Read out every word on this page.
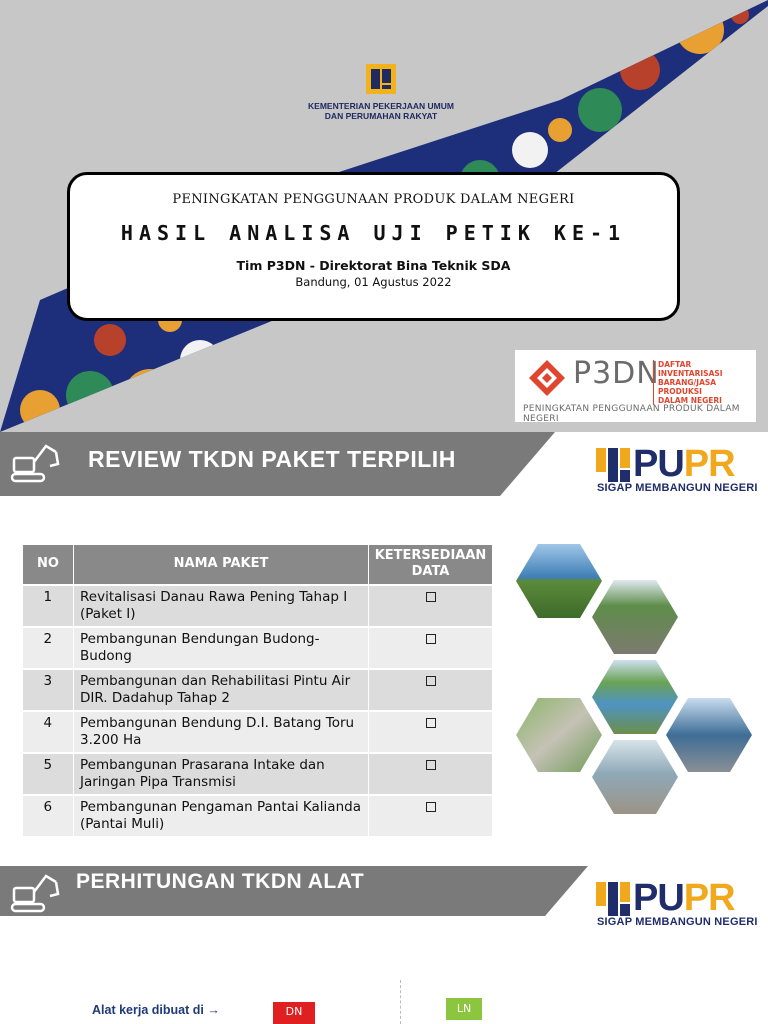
KEMENTERIAN PEKERJAAN UMUM
DAN PERUMAHAN RAKYAT
PENINGKATAN PENGGUNAAN PRODUK DALAM NEGERI
HASIL ANALISA UJI PETIK KE-1
Tim P3DN - Direktorat Bina Teknik SDA
Bandung, 01 Agustus 2022
P3DN
DAFTAR INVENTARISASI
BARANG/JASA PRODUKSI
DALAM NEGERI
PENINGKATAN PENGGUNAAN PRODUK DALAM NEGERI
REVIEW TKDN PAKET TERPILIH	PUPR
SIGAP MEMBANGUN NEGERI
NO	NAMA PAKET	KETERSEDIAAN
DATA

1	Revitalisasi Danau Rawa Pening Tahap I
(Paket I)	

2	Pembangunan Bendungan Budong-Budong	

3	Pembangunan dan Rehabilitasi Pintu Air
DIR. Dadahup Tahap 2	

4	Pembangunan Bendung D.I. Batang Toru
3.200 Ha	

5	Pembangunan Prasarana Intake dan
Jaringan Pipa Transmisi	

6	Pembangunan Pengaman Pantai Kalianda
(Pantai Muli)	

PERHITUNGAN TKDN ALAT	PUPR
SIGAP MEMBANGUN NEGERI
Alat kerja dibuat di →	DN	LN
